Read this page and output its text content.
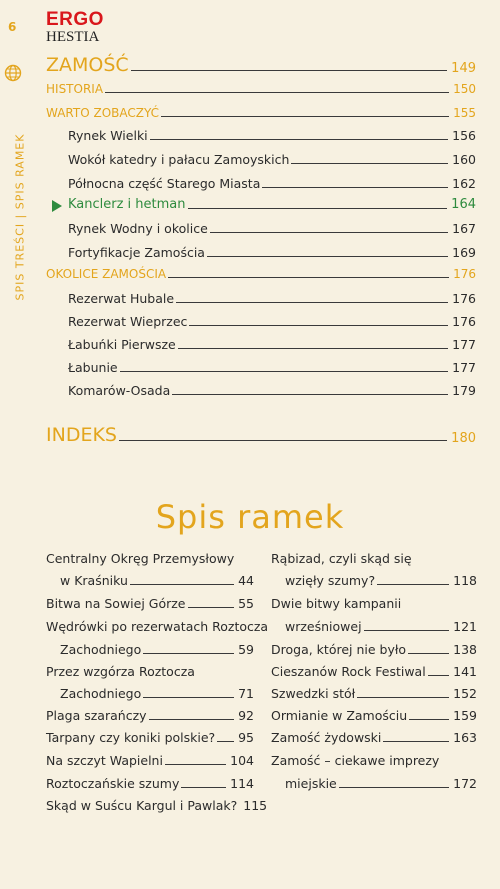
6
SPIS TREŚCI | SPIS RAMEK
ERGO
HESTIA
ZAMOŚĆ	149
HISTORIA	150
WARTO ZOBACZYĆ	155
Rynek Wielki	156
Wokół katedry i pałacu Zamoyskich	160
Północna część Starego Miasta	162
Kanclerz i hetman	164
Rynek Wodny i okolice	167
Fortyfikacje Zamościa	169
OKOLICE ZAMOŚCIA	176
Rezerwat Hubale	176
Rezerwat Wieprzec	176
Łabuńki Pierwsze	177
Łabunie	177
Komarów-Osada	179
INDEKS	180
Spis ramek
Centralny Okręg Przemysłowy
w Kraśniku	44
Bitwa na Sowiej Górze	55
Wędrówki po rezerwatach Roztocza
Zachodniego	59
Przez wzgórza Roztocza
Zachodniego	71
Plaga szarańczy	92
Tarpany czy koniki polskie? 95
Na szczyt Wapielni	104
Roztoczańskie szumy	114
Skąd w Suścu Kargul i Pawlak? 115
Rąbizad, czyli skąd się
wzięły szumy?	118
Dwie bitwy kampanii
wrześniowej	121
Droga, której nie było	138
Cieszanów Rock Festiwal 141
Szwedzki stół	152
Ormianie w Zamościu	159
Zamość żydowski	163
Zamość – ciekawe imprezy
miejskie	172
